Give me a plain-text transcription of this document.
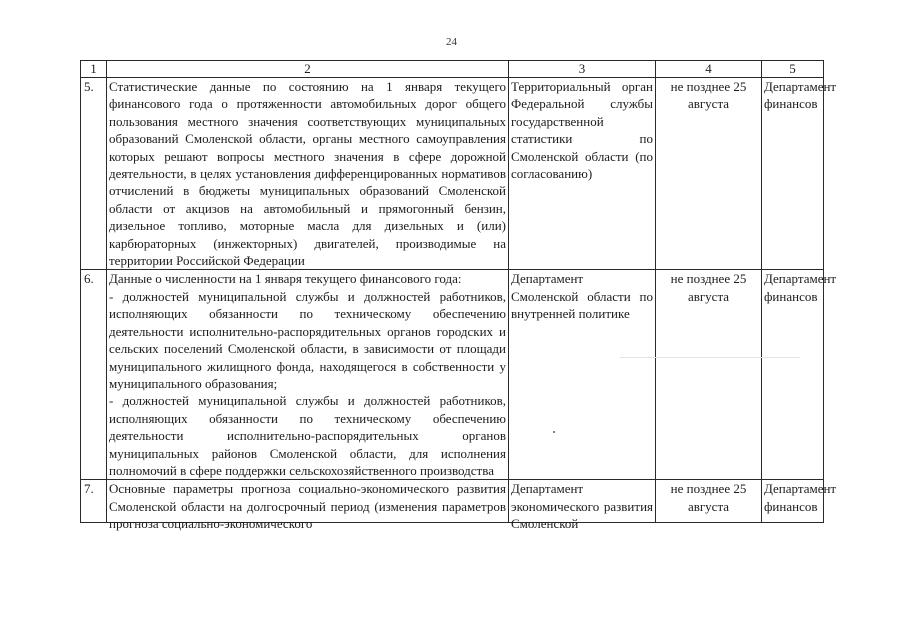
24
1	2	3	4	5
5.	Статистические данные по состоянию на 1 января текущего финансового года о протяженности автомобильных дорог общего пользования местного значения соответствующих муниципальных образований Смоленской области, органы местного самоуправления которых решают вопросы местного значения в сфере дорожной деятельности, в целях установления дифференцированных нормативов отчислений в бюджеты муниципальных образований Смоленской области от акцизов на автомобильный и прямогонный бензин, дизельное топливо, моторные масла для дизельных и (или) карбюраторных (инжекторных) двигателей, производимые на территории Российской Федерации	Территориальный орган Федеральной службы государственной статистики по Смоленской области (по согласованию)	не позднее 25 августа	Департамент финансов
6.	Данные о численности на 1 января текущего финансового года:
- должностей муниципальной службы и должностей работников, исполняющих обязанности по техническому обеспечению деятельности исполнительно-распорядительных органов городских и сельских поселений Смоленской области, в зависимости от площади муниципального жилищного фонда, находящегося в собственности у муниципального образования;
- должностей муниципальной службы и должностей работников, исполняющих обязанности по техническому обеспечению деятельности исполнительно-распорядительных органов муниципальных районов Смоленской области, для исполнения полномочий в сфере поддержки сельскохозяйственного производства	Департамент Смоленской области по внутренней политике	не позднее 25 августа	Департамент финансов

7.	Основные параметры прогноза социально-экономического развития Смоленской области на долгосрочный период (изменения параметров прогноза социально-экономического	Департамент экономического развития Смоленской	не позднее 25 августа	Департамент финансов
